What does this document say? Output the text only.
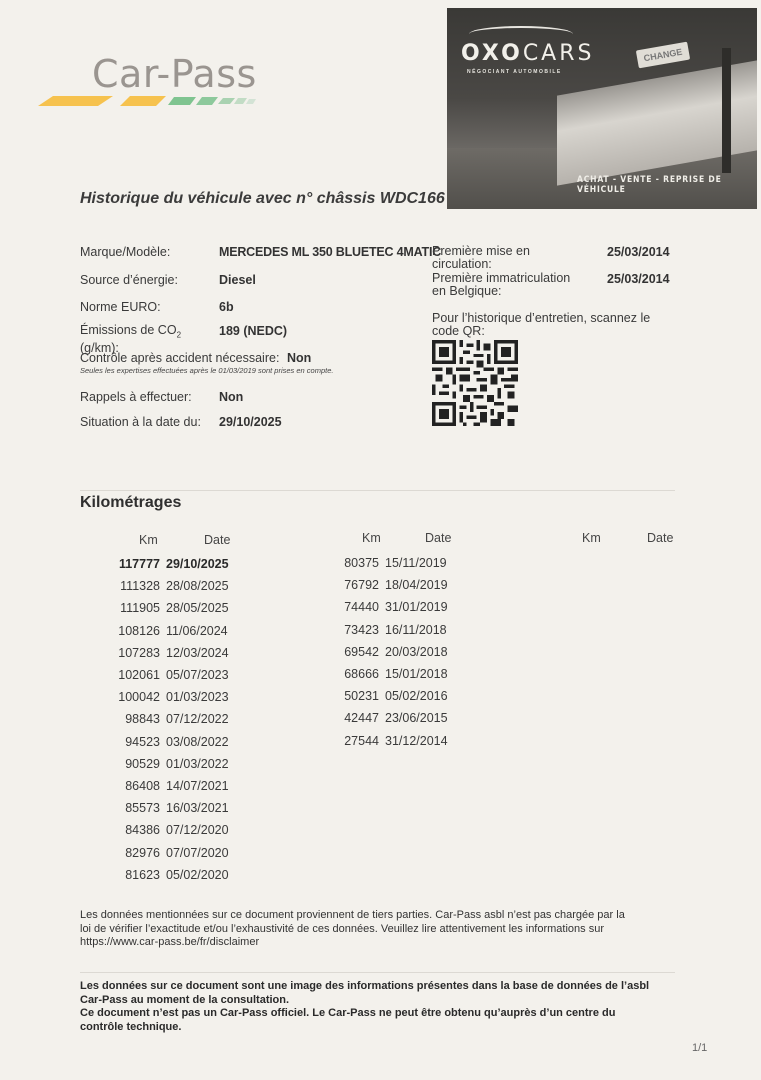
Car-Pass	CHANGE
OXOCARS
NÉGOCIANT AUTOMOBILE
ACHAT - VENTE - REPRISE DE VÉHICULE
Historique du véhicule avec n° châssis WDC166
Marque/Modèle:	MERCEDES ML 350 BLUETEC 4MATIC
Source d’énergie:	Diesel
Norme EURO:	6b
Émissions de $CO_2$
(g/km):
189 (NEDC)
Contrôle après accident nécessaire: Non
Seules les expertises effectuées après le 01/03/2019 sont prises en compte.
Rappels à effectuer: Non
Situation à la date du: 29/10/2025
Première mise en
circulation:
25/03/2014
Première immatriculation
en Belgique:
25/03/2014
Pour l’historique d’entretien, scannez le
code QR:
Kilométrages
Km	Date	Km	Date	Km	Date
117777 29/10/2025
111328 28/08/2025
111905 28/05/2025
108126 11/06/2024
107283 12/03/2024
102061 05/07/2023
100042 01/03/2023
98843 07/12/2022
94523 03/08/2022
90529 01/03/2022
86408 14/07/2021
85573 16/03/2021
84386 07/12/2020
82976 07/07/2020
81623 05/02/2020
80375 15/11/2019
76792 18/04/2019
74440 31/01/2019
73423 16/11/2018
69542 20/03/2018
68666 15/01/2018
50231 05/02/2016
42447 23/06/2015
27544 31/12/2014
Les données mentionnées sur ce document proviennent de tiers parties. Car-Pass asbl n’est pas chargée par la
loi de vérifier l’exactitude et/ou l’exhaustivité de ces données. Veuillez lire attentivement les informations sur
https://www.car-pass.be/fr/disclaimer
Les données sur ce document sont une image des informations présentes dans la base de données de l’asbl
Car-Pass au moment de la consultation.
Ce document n’est pas un Car-Pass officiel. Le Car-Pass ne peut être obtenu qu’auprès d’un centre du
contrôle technique.
1/1
